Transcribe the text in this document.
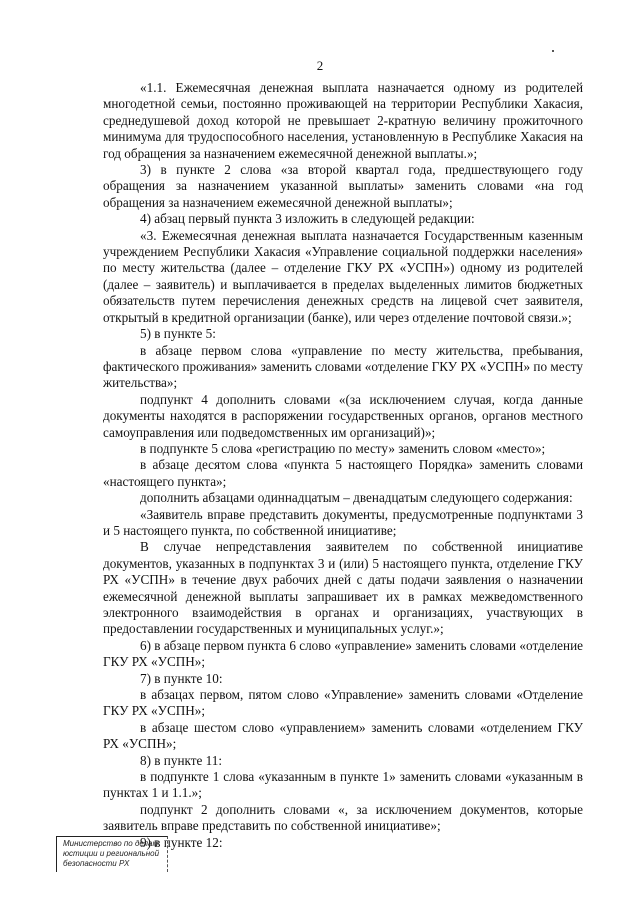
2

«1.1. Ежемесячная денежная выплата назначается одному из родителей многодетной семьи, постоянно проживающей на территории Республики Хакасия, среднедушевой доход которой не превышает 2-кратную величину прожиточного минимума для трудоспособного населения, установленную в Республике Хакасия на год обращения за назначением ежемесячной денежной выплаты.»;

3) в пункте 2 слова «за второй квартал года, предшествующего году обращения за назначением указанной выплаты» заменить словами «на год обращения за назначением ежемесячной денежной выплаты»;

4) абзац первый пункта 3 изложить в следующей редакции:

«3. Ежемесячная денежная выплата назначается Государственным казенным учреждением Республики Хакасия «Управление социальной поддержки населения» по месту жительства (далее – отделение ГКУ РХ «УСПН») одному из родителей (далее – заявитель) и выплачивается в пределах выделенных лимитов бюджетных обязательств путем перечисления денежных средств на лицевой счет заявителя, открытый в кредитной организации (банке), или через отделение почтовой связи.»;

5) в пункте 5:

в абзаце первом слова «управление по месту жительства, пребывания, фактического проживания» заменить словами «отделение ГКУ РХ «УСПН» по месту жительства»;

подпункт 4 дополнить словами «(за исключением случая, когда данные документы находятся в распоряжении государственных органов, органов местного самоуправления или подведомственных им организаций)»;

в подпункте 5 слова «регистрацию по месту» заменить словом «место»;

в абзаце десятом слова «пункта 5 настоящего Порядка» заменить словами «настоящего пункта»;

дополнить абзацами одиннадцатым – двенадцатым следующего содержания:

«Заявитель вправе представить документы, предусмотренные подпунктами 3 и 5 настоящего пункта, по собственной инициативе;

В случае непредставления заявителем по собственной инициативе документов, указанных в подпунктах 3 и (или) 5 настоящего пункта, отделение ГКУ РХ «УСПН» в течение двух рабочих дней с даты подачи заявления о назначении ежемесячной денежной выплаты запрашивает их в рамках межведомственного электронного взаимодействия в органах и организациях, участвующих в предоставлении государственных и муниципальных услуг.»;

6) в абзаце первом пункта 6 слово «управление» заменить словами «отделение ГКУ РХ «УСПН»;

7) в пункте 10:

в абзацах первом, пятом слово «Управление» заменить словами «Отделение ГКУ РХ «УСПН»;

в абзаце шестом слово «управлением» заменить словами «отделением ГКУ РХ «УСПН»;

8) в пункте 11:

в подпункте 1 слова «указанным в пункте 1» заменить словами «указанным в пунктах 1 и 1.1.»;

подпункт 2 дополнить словами «, за исключением документов, которые заявитель вправе представить по собственной инициативе»;

9) в пункте 12:

Министерство по делам
юстиции и региональной
безопасности РХ
